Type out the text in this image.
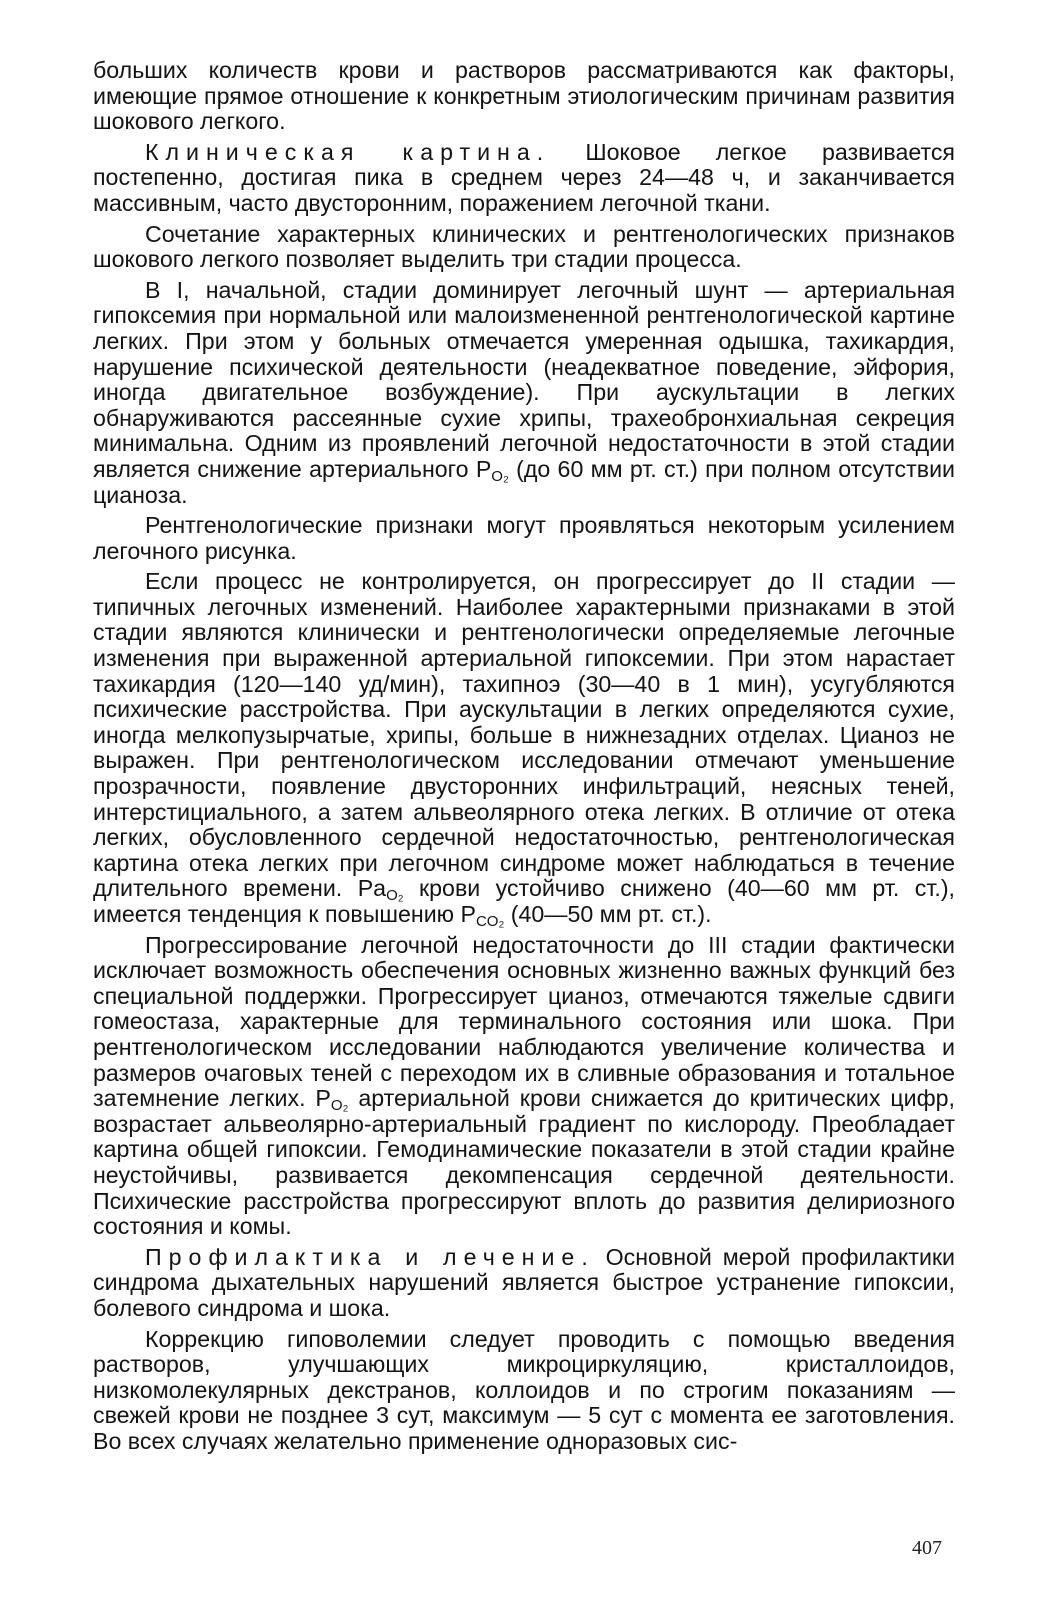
больших количеств крови и растворов рассматриваются как факторы, имеющие прямое отношение к конкретным этиологическим причинам развития шокового легкого.

Клиническая картина. Шоковое легкое развивается постепенно, достигая пика в среднем через 24—48 ч, и заканчивается массивным, часто двусторонним, поражением легочной ткани.

Сочетание характерных клинических и рентгенологических признаков шокового легкого позволяет выделить три стадии процесса.

В I, начальной, стадии доминирует легочный шунт — артериальная гипоксемия при нормальной или малоизмененной рентгенологической картине легких. При этом у больных отмечается умеренная одышка, тахикардия, нарушение психической деятельности (неадекватное поведение, эйфория, иногда двигательное возбуждение). При аускультации в легких обнаруживаются рассеянные сухие хрипы, трахеобронхиальная секреция минимальна. Одним из проявлений легочной недостаточности в этой стадии является снижение артериального $P_{O_2}$ (до 60 мм рт. ст.) при полном отсутствии цианоза.

Рентгенологические признаки могут проявляться некоторым усилением легочного рисунка.

Если процесс не контролируется, он прогрессирует до II стадии — типичных легочных изменений. Наиболее характерными признаками в этой стадии являются клинически и рентгенологически определяемые легочные изменения при выраженной артериальной гипоксемии. При этом нарастает тахикардия (120—140 уд/мин), тахипноэ (30—40 в 1 мин), усугубляются психические расстройства. При аускультации в легких определяются сухие, иногда мелкопузырчатые, хрипы, больше в нижнезадних отделах. Цианоз не выражен. При рентгенологическом исследовании отмечают уменьшение прозрачности, появление двусторонних инфильтраций, неясных теней, интерстициального, а затем альвеолярного отека легких. В отличие от отека легких, обусловленного сердечной недостаточностью, рентгенологическая картина отека легких при легочном синдроме может наблюдаться в течение длительного времени. $Pa_{O_2}$ крови устойчиво снижено (40—60 мм рт. ст.), имеется тенденция к повышению $P_{CO_2}$ (40—50 мм рт. ст.).

Прогрессирование легочной недостаточности до III стадии фактически исключает возможность обеспечения основных жизненно важных функций без специальной поддержки. Прогрессирует цианоз, отмечаются тяжелые сдвиги гомеостаза, характерные для терминального состояния или шока. При рентгенологическом исследовании наблюдаются увеличение количества и размеров очаговых теней с переходом их в сливные образования и тотальное затемнение легких. $P_{O_2}$ артериальной крови снижается до критических цифр, возрастает альвеолярно-артериальный градиент по кислороду. Преобладает картина общей гипоксии. Гемодинамические показатели в этой стадии крайне неустойчивы, развивается декомпенсация сердечной деятельности. Психические расстройства прогрессируют вплоть до развития делириозного состояния и комы.

Профилактика и лечение. Основной мерой профилактики синдрома дыхательных нарушений является быстрое устранение гипоксии, болевого синдрома и шока.

Коррекцию гиповолемии следует проводить с помощью введения растворов, улучшающих микроциркуляцию, кристаллоидов, низкомолекулярных декстранов, коллоидов и по строгим показаниям — свежей крови не позднее 3 сут, максимум — 5 сут с момента ее заготовления. Во всех случаях желательно применение одноразовых сис-

407
